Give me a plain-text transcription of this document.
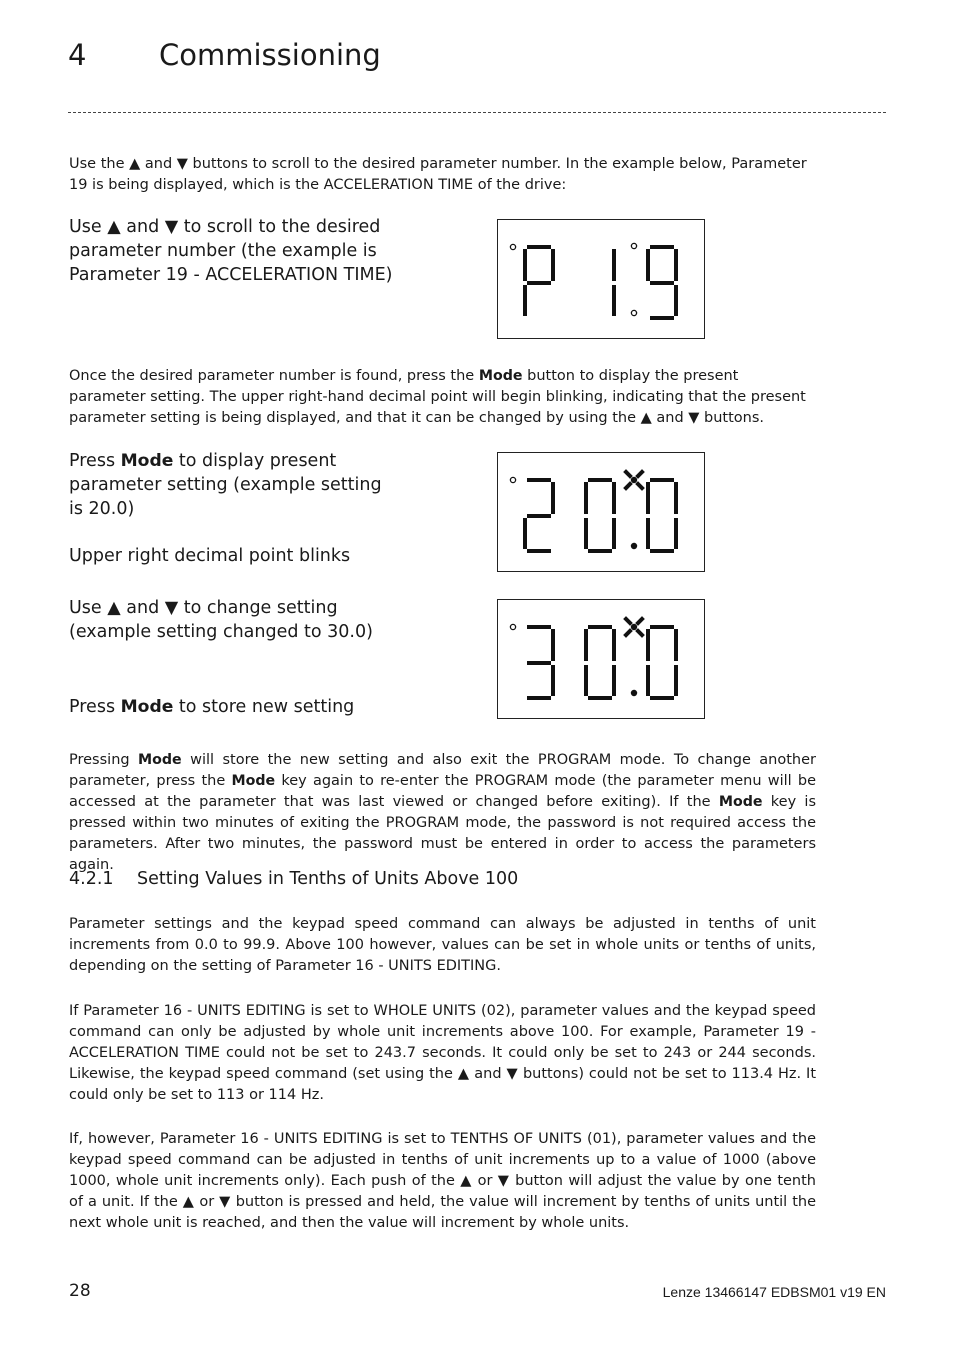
4	Commissioning
Use the ▲ and ▼ buttons to scroll to the desired parameter number. In the example below, Parameter 19 is being displayed, which is the ACCELERATION TIME of the drive:
Use ▲ and ▼ to scroll to the desired parameter number (the example is Parameter 19 - ACCELERATION TIME)
Once the desired parameter number is found, press the Mode button to display the present parameter setting. The upper right-hand decimal point will begin blinking, indicating that the present parameter setting is being displayed, and that it can be changed by using the ▲ and ▼ buttons.
Press Mode to display present parameter setting (example setting is 20.0)
Upper right decimal point blinks
Use ▲ and ▼ to change setting (example setting changed to 30.0)
Press Mode to store new setting
Pressing Mode will store the new setting and also exit the PROGRAM mode. To change another parameter, press the Mode key again to re-enter the PROGRAM mode (the parameter menu will be accessed at the parameter that was last viewed or changed before exiting). If the Mode key is pressed within two minutes of exiting the PROGRAM mode, the password is not required access the parameters. After two minutes, the password must be entered in order to access the parameters again.
4.2.1 Setting Values in Tenths of Units Above 100
Parameter settings and the keypad speed command can always be adjusted in tenths of unit increments from 0.0 to 99.9. Above 100 however, values can be set in whole units or tenths of units, depending on the setting of Parameter 16 - UNITS EDITING.
If Parameter 16 - UNITS EDITING is set to WHOLE UNITS (02), parameter values and the keypad speed command can only be adjusted by whole unit increments above 100. For example, Parameter 19 - ACCELERATION TIME could not be set to 243.7 seconds. It could only be set to 243 or 244 seconds. Likewise, the keypad speed command (set using the ▲ and ▼ buttons) could not be set to 113.4 Hz. It could only be set to 113 or 114 Hz.
If, however, Parameter 16 - UNITS EDITING is set to TENTHS OF UNITS (01), parameter values and the keypad speed command can be adjusted in tenths of unit increments up to a value of 1000 (above 1000, whole unit increments only). Each push of the ▲ or ▼ button will adjust the value by one tenth of a unit. If the ▲ or ▼ button is pressed and held, the value will increment by tenths of units until the next whole unit is reached, and then the value will increment by whole units.
28	Lenze 13466147 EDBSM01 v19 EN
